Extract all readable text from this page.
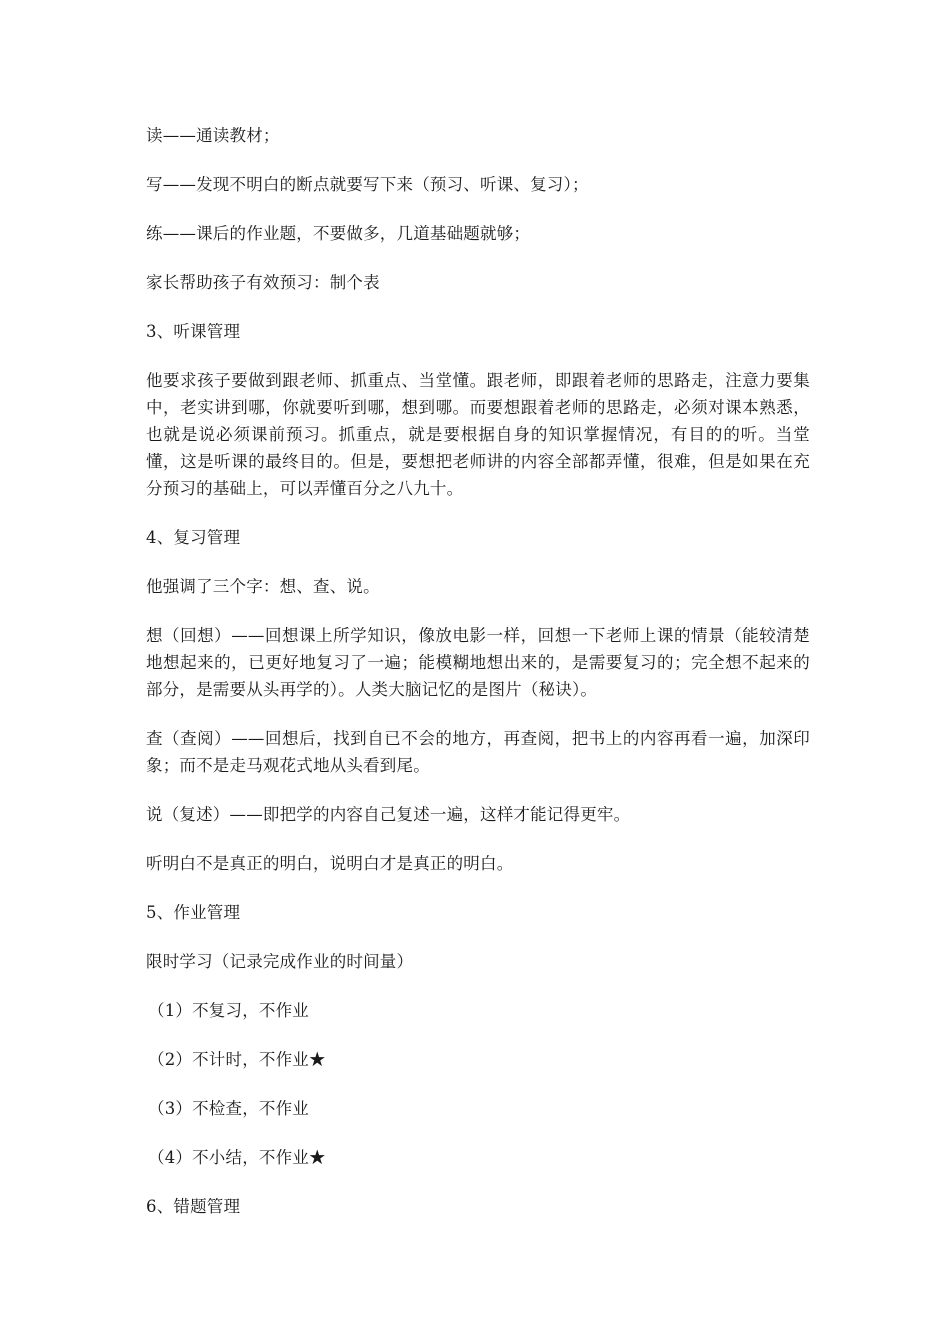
读——通读教材；

写——发现不明白的断点就要写下来（预习、听课、复习）；

练——课后的作业题，不要做多，几道基础题就够；

家长帮助孩子有效预习：制个表

3、听课管理

他要求孩子要做到跟老师、抓重点、当堂懂。跟老师，即跟着老师的思路走，注意力要集中，老实讲到哪，你就要听到哪，想到哪。而要想跟着老师的思路走，必须对课本熟悉，也就是说必须课前预习。抓重点，就是要根据自身的知识掌握情况，有目的的听。当堂懂，这是听课的最终目的。但是，要想把老师讲的内容全部都弄懂，很难，但是如果在充分预习的基础上，可以弄懂百分之八九十。

4、复习管理

他强调了三个字：想、查、说。

想（回想）——回想课上所学知识，像放电影一样，回想一下老师上课的情景（能较清楚地想起来的，已更好地复习了一遍；能模糊地想出来的，是需要复习的；完全想不起来的部分，是需要从头再学的）。人类大脑记忆的是图片（秘诀）。

查（查阅）——回想后，找到自已不会的地方，再查阅，把书上的内容再看一遍，加深印象；而不是走马观花式地从头看到尾。

说（复述）——即把学的内容自己复述一遍，这样才能记得更牢。

听明白不是真正的明白，说明白才是真正的明白。

5、作业管理

限时学习（记录完成作业的时间量）

（1）不复习，不作业

（2）不计时，不作业★

（3）不检查，不作业

（4）不小结，不作业★

6、错题管理
